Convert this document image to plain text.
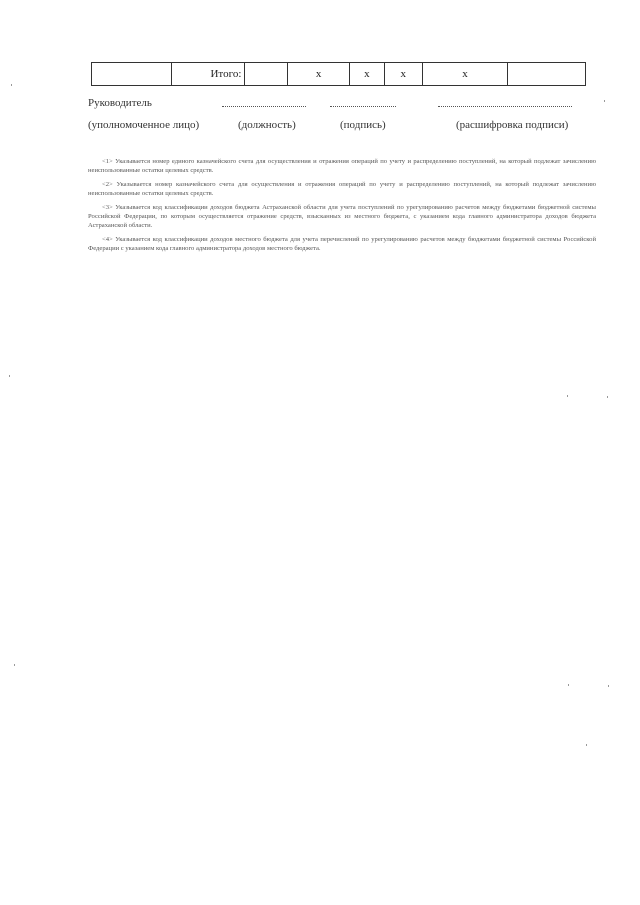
Итого:	x	x	x	x
Руководитель
(уполномоченное лицо)	(должность)	(подпись)	(расшифровка подписи)

<1> Указывается номер единого казначейского счета для осуществления и отражения операций по учету и распределению поступлений, на который подлежат зачислению неиспользованные остатки целевых средств.

<2> Указывается номер казначейского счета для осуществления и отражения операций по учету и распределению поступлений, на который подлежат зачислению неиспользованные остатки целевых средств.

<3> Указывается код классификации доходов бюджета Астраханской области для учета поступлений по урегулированию расчетов между бюджетами бюджетной системы Российской Федерации, по которым осуществляется отражение средств, взысканных из местного бюджета, с указанием кода главного администратора доходов бюджета Астраханской области.

<4> Указывается код классификации доходов местного бюджета для учета перечислений по урегулированию расчетов между бюджетами бюджетной системы Российской Федерации с указанием кода главного администратора доходов местного бюджета.
